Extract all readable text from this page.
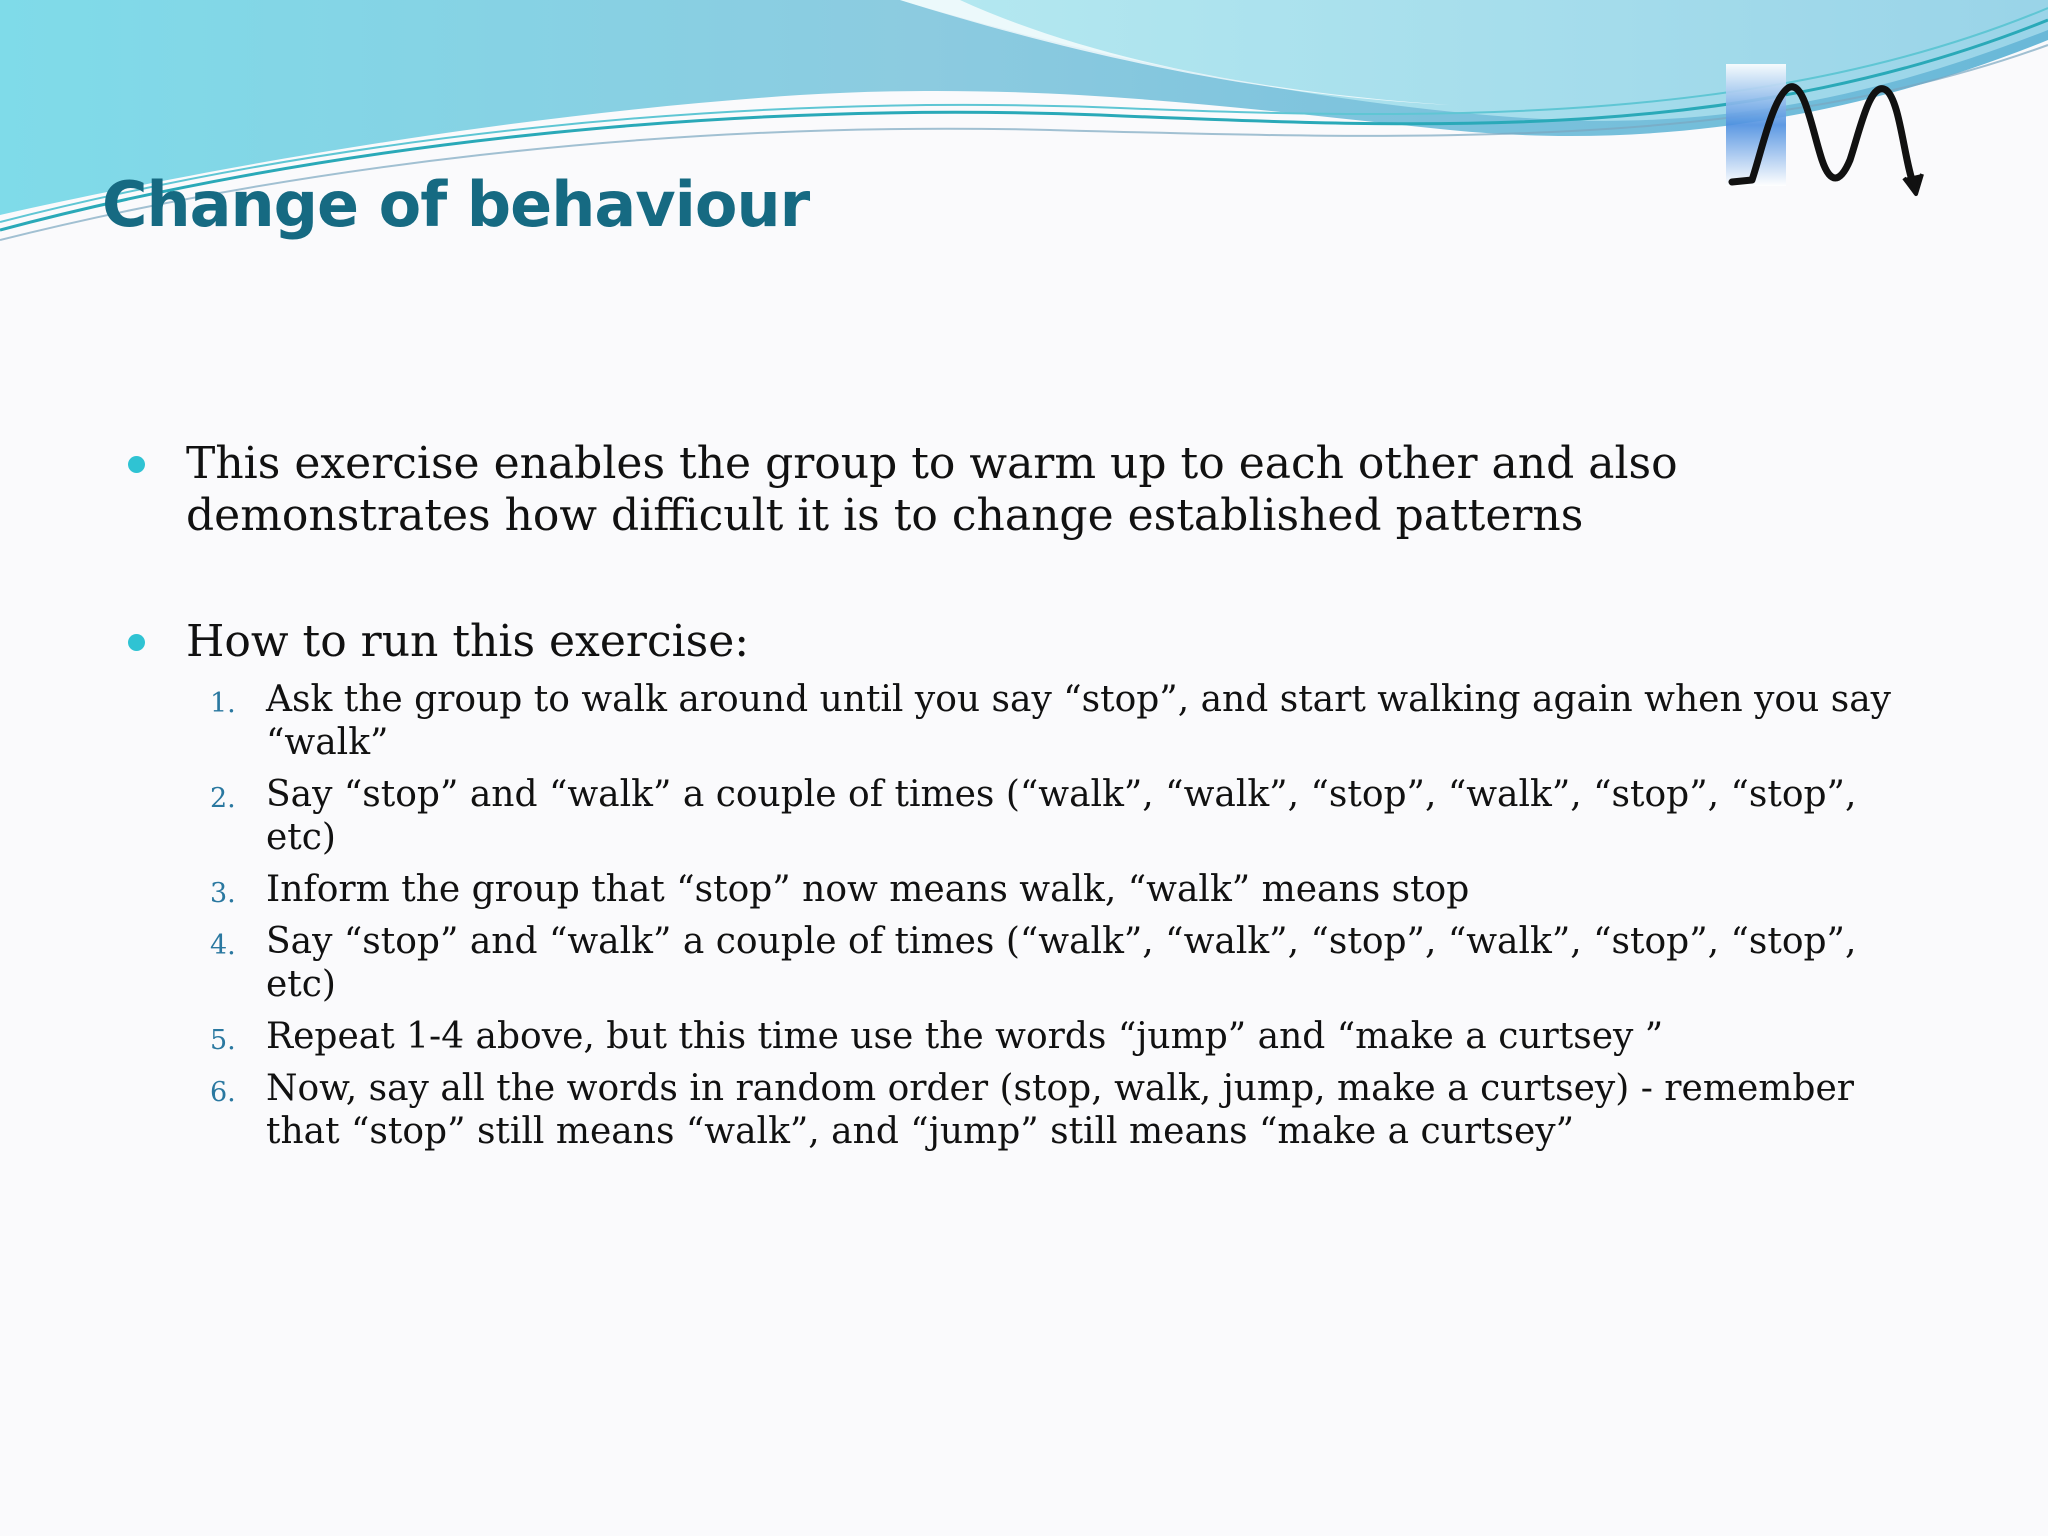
Change of behaviour
This exercise enables the group to warm up to each other and also demonstrates how difficult it is to change established patterns
How to run this exercise:
1. Ask the group to walk around until you say “stop”, and start walking again when you say “walk”
2. Say “stop” and “walk” a couple of times (“walk”, “walk”, “stop”, “walk”, “stop”, “stop”, etc)
3. Inform the group that “stop” now means walk, “walk” means stop
4. Say “stop” and “walk” a couple of times (“walk”, “walk”, “stop”, “walk”, “stop”, “stop”, etc)
5. Repeat 1-4 above, but this time use the words “jump” and “make a curtsey ”
6. Now, say all the words in random order (stop, walk, jump, make a curtsey) - remember that “stop” still means “walk”, and “jump” still means “make a curtsey”
